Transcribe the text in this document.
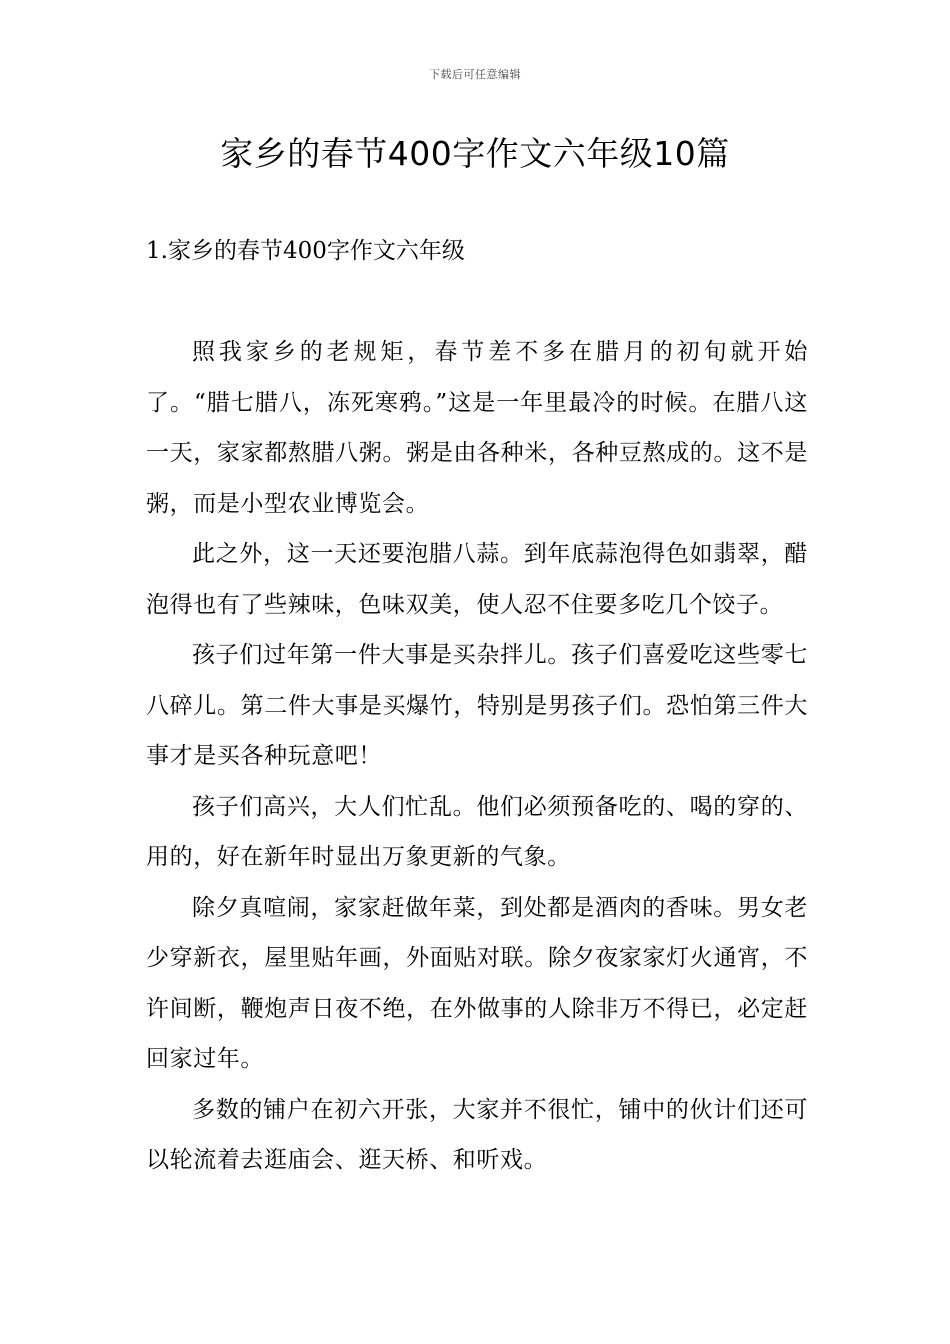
下载后可任意编辑
家乡的春节400字作文六年级10篇
1.家乡的春节400字作文六年级

照我家乡的老规矩，春节差不多在腊月的初旬就开始了。“腊七腊八，冻死寒鸦。”这是一年里最冷的时候。在腊八这一天，家家都熬腊八粥。粥是由各种米，各种豆熬成的。这不是粥，而是小型农业博览会。

此之外，这一天还要泡腊八蒜。到年底蒜泡得色如翡翠，醋泡得也有了些辣味，色味双美，使人忍不住要多吃几个饺子。

孩子们过年第一件大事是买杂拌儿。孩子们喜爱吃这些零七八碎儿。第二件大事是买爆竹，特别是男孩子们。恐怕第三件大事才是买各种玩意吧！

孩子们高兴，大人们忙乱。他们必须预备吃的、喝的穿的、用的，好在新年时显出万象更新的气象。

除夕真喧闹，家家赶做年菜，到处都是酒肉的香味。男女老少穿新衣，屋里贴年画，外面贴对联。除夕夜家家灯火通宵，不许间断，鞭炮声日夜不绝，在外做事的人除非万不得已，必定赶回家过年。

多数的铺户在初六开张，大家并不很忙，铺中的伙计们还可以轮流着去逛庙会、逛天桥、和听戏。
